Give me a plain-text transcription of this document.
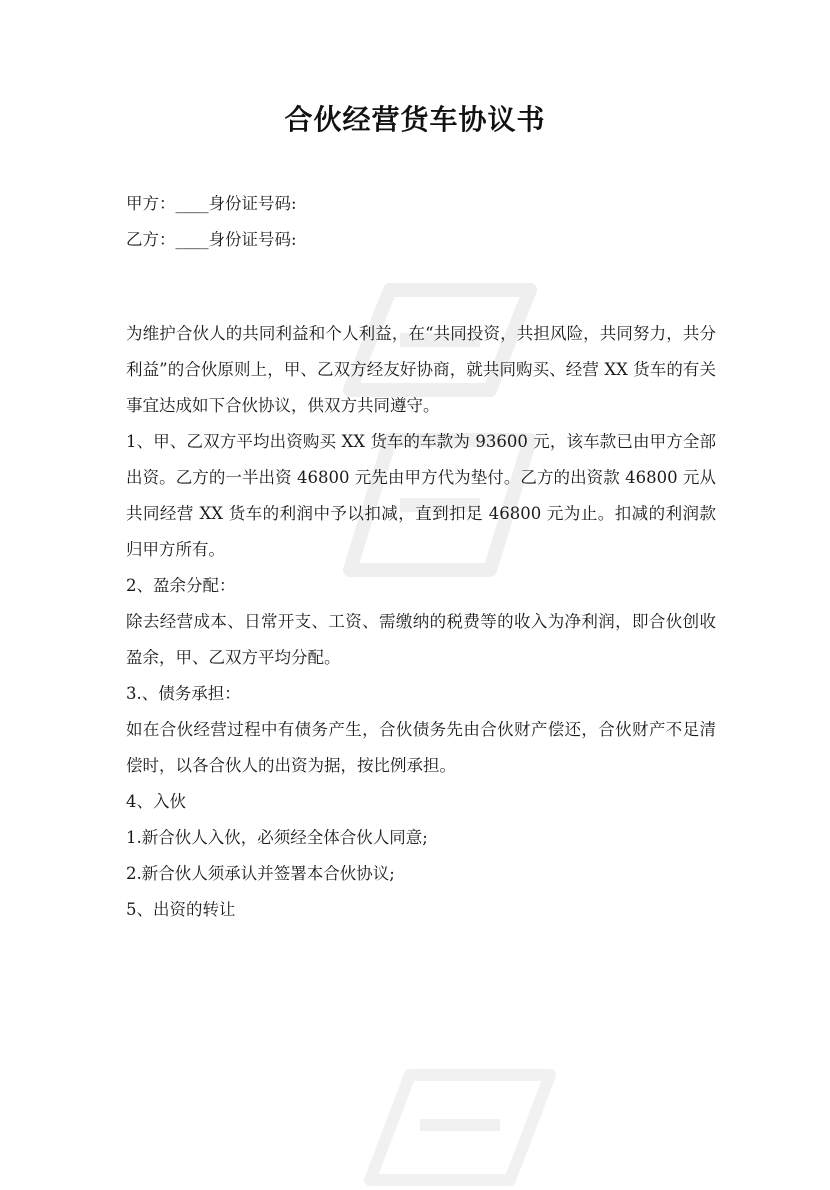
合伙经营货车协议书

甲方：____身份证号码:

乙方：____身份证号码:

为维护合伙人的共同利益和个人利益，在“共同投资，共担风险，共同努力，共分利益”的合伙原则上，甲、乙双方经友好协商，就共同购买、经营 XX 货车的有关事宜达成如下合伙协议，供双方共同遵守。

1、甲、乙双方平均出资购买 XX 货车的车款为 93600 元，该车款已由甲方全部出资。乙方的一半出资 46800 元先由甲方代为垫付。乙方的出资款 46800 元从共同经营 XX 货车的利润中予以扣减，直到扣足 46800 元为止。扣减的利润款归甲方所有。

2、盈余分配：

除去经营成本、日常开支、工资、需缴纳的税费等的收入为净利润，即合伙创收盈余，甲、乙双方平均分配。

3.、债务承担：

如在合伙经营过程中有债务产生，合伙债务先由合伙财产偿还，合伙财产不足清偿时，以各合伙人的出资为据，按比例承担。

4、入伙

1.新合伙人入伙，必须经全体合伙人同意;

2.新合伙人须承认并签署本合伙协议;

5、出资的转让
